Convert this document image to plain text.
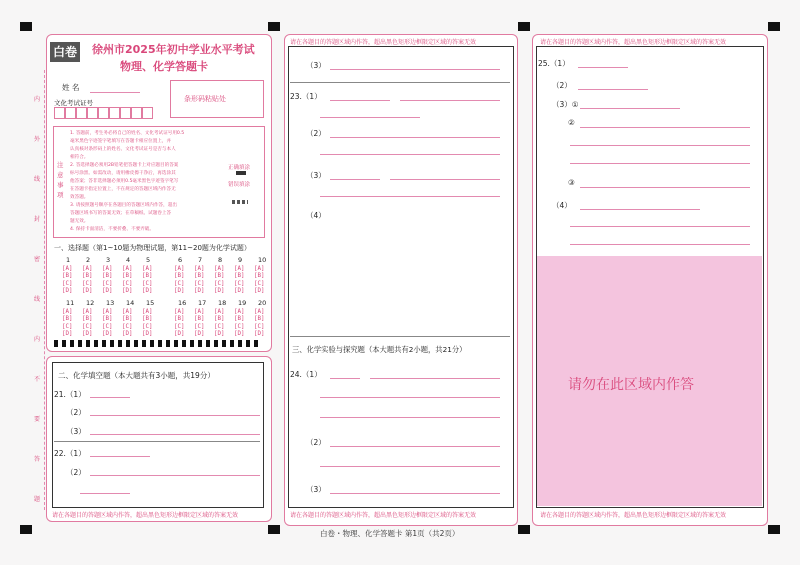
内 外 线 封 密 线 内 不 要 答 题
白卷 徐州市2025年初中学业水平考试
物理、化学答题卡
姓 名
文化考试证号	条形码粘贴处
注意事项
1. 答题前，考生务必将自己的姓名、文化考试证号用0.5
毫米黑色字迹签字笔填写在答题卡相应位置上，并
认真核对条形码上的姓名、文化考试证号是否与本人
相符合。
2. 答选择题必须用2B铅笔把答题卡上对应题目的答案
标号涂黑。如需改动，请用橡皮擦干净后，再选涂其
他答案；答非选择题必须用0.5毫米黑色字迹签字笔写
在答题卡指定位置上，不在规定的答题区域内作答无
效答题。
3. 请按照题号顺序在各题目的答题区域内作答，超出
答题区域书写的答案无效；在草稿纸、试题卷上答
题无效。
4. 保持卡面清洁，不要折叠、不要弄破。
正确填涂
错误填涂
一、选择题（第1~10题为物理试题，第11~20题为化学试题）
1
[A]
[B]
[C]
[D]
2
[A]
[B]
[C]
[D]
3
[A]
[B]
[C]
[D]
4
[A]
[B]
[C]
[D]
5
[A]
[B]
[C]
[D]
6
[A]
[B]
[C]
[D]
7
[A]
[B]
[C]
[D]
8
[A]
[B]
[C]
[D]
9
[A]
[B]
[C]
[D]
10
[A]
[B]
[C]
[D]
11
[A]
[B]
[C]
[D]
12
[A]
[B]
[C]
[D]
13
[A]
[B]
[C]
[D]
14
[A]
[B]
[C]
[D]
15
[A]
[B]
[C]
[D]
16
[A]
[B]
[C]
[D]
17
[A]
[B]
[C]
[D]
18
[A]
[B]
[C]
[D]
19
[A]
[B]
[C]
[D]
20
[A]
[B]
[C]
[D]
二、化学填空题（本大题共有3小题，共19分）
21.（1）
（2）
（3）
22.（1）
（2）
请在各题目的答题区域内作答，超出黑色矩形边框限定区域的答案无效
请在各题目的答题区域内作答，超出黑色矩形边框限定区域的答案无效
（3）
23.（1）
（2）
（3）
（4）
三、化学实验与探究题（本大题共有2小题，共21分）
24.（1）
（2）
（3）
请在各题目的答题区域内作答，超出黑色矩形边框限定区域的答案无效
请在各题目的答题区域内作答，超出黑色矩形边框限定区域的答案无效
25.（1）
（2）
（3）①
②
③
（4）
请勿在此区域内作答
请在各题目的答题区域内作答，超出黑色矩形边框限定区域的答案无效
白卷・物理、化学答题卡 第1页（共2页）
